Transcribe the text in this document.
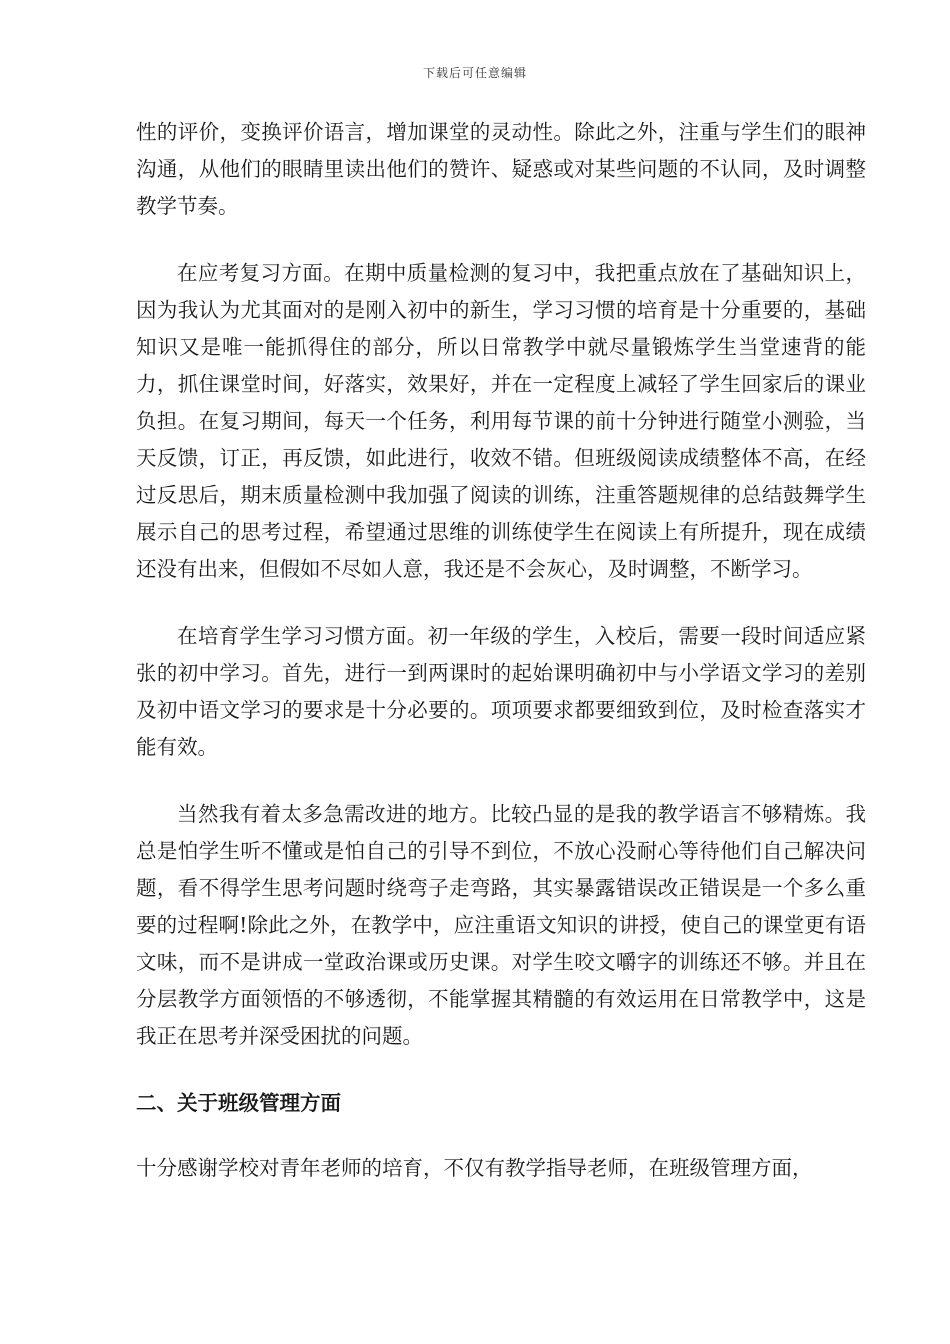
下载后可任意编辑

性的评价，变换评价语言，增加课堂的灵动性。除此之外，注重与学生们的眼神沟通，从他们的眼睛里读出他们的赞许、疑惑或对某些问题的不认同，及时调整教学节奏。

在应考复习方面。在期中质量检测的复习中，我把重点放在了基础知识上，因为我认为尤其面对的是刚入初中的新生，学习习惯的培育是十分重要的，基础知识又是唯一能抓得住的部分，所以日常教学中就尽量锻炼学生当堂速背的能力，抓住课堂时间，好落实，效果好，并在一定程度上减轻了学生回家后的课业负担。在复习期间，每天一个任务，利用每节课的前十分钟进行随堂小测验，当天反馈，订正，再反馈，如此进行，收效不错。但班级阅读成绩整体不高，在经过反思后，期末质量检测中我加强了阅读的训练，注重答题规律的总结鼓舞学生展示自己的思考过程，希望通过思维的训练使学生在阅读上有所提升，现在成绩还没有出来，但假如不尽如人意，我还是不会灰心，及时调整，不断学习。

在培育学生学习习惯方面。初一年级的学生，入校后，需要一段时间适应紧张的初中学习。首先，进行一到两课时的起始课明确初中与小学语文学习的差别及初中语文学习的要求是十分必要的。项项要求都要细致到位，及时检查落实才能有效。

当然我有着太多急需改进的地方。比较凸显的是我的教学语言不够精炼。我总是怕学生听不懂或是怕自己的引导不到位，不放心没耐心等待他们自己解决问题，看不得学生思考问题时绕弯子走弯路，其实暴露错误改正错误是一个多么重要的过程啊!除此之外，在教学中，应注重语文知识的讲授，使自己的课堂更有语文味，而不是讲成一堂政治课或历史课。对学生咬文嚼字的训练还不够。并且在分层教学方面领悟的不够透彻，不能掌握其精髓的有效运用在日常教学中，这是我正在思考并深受困扰的问题。

二、关于班级管理方面

十分感谢学校对青年老师的培育，不仅有教学指导老师，在班级管理方面，
